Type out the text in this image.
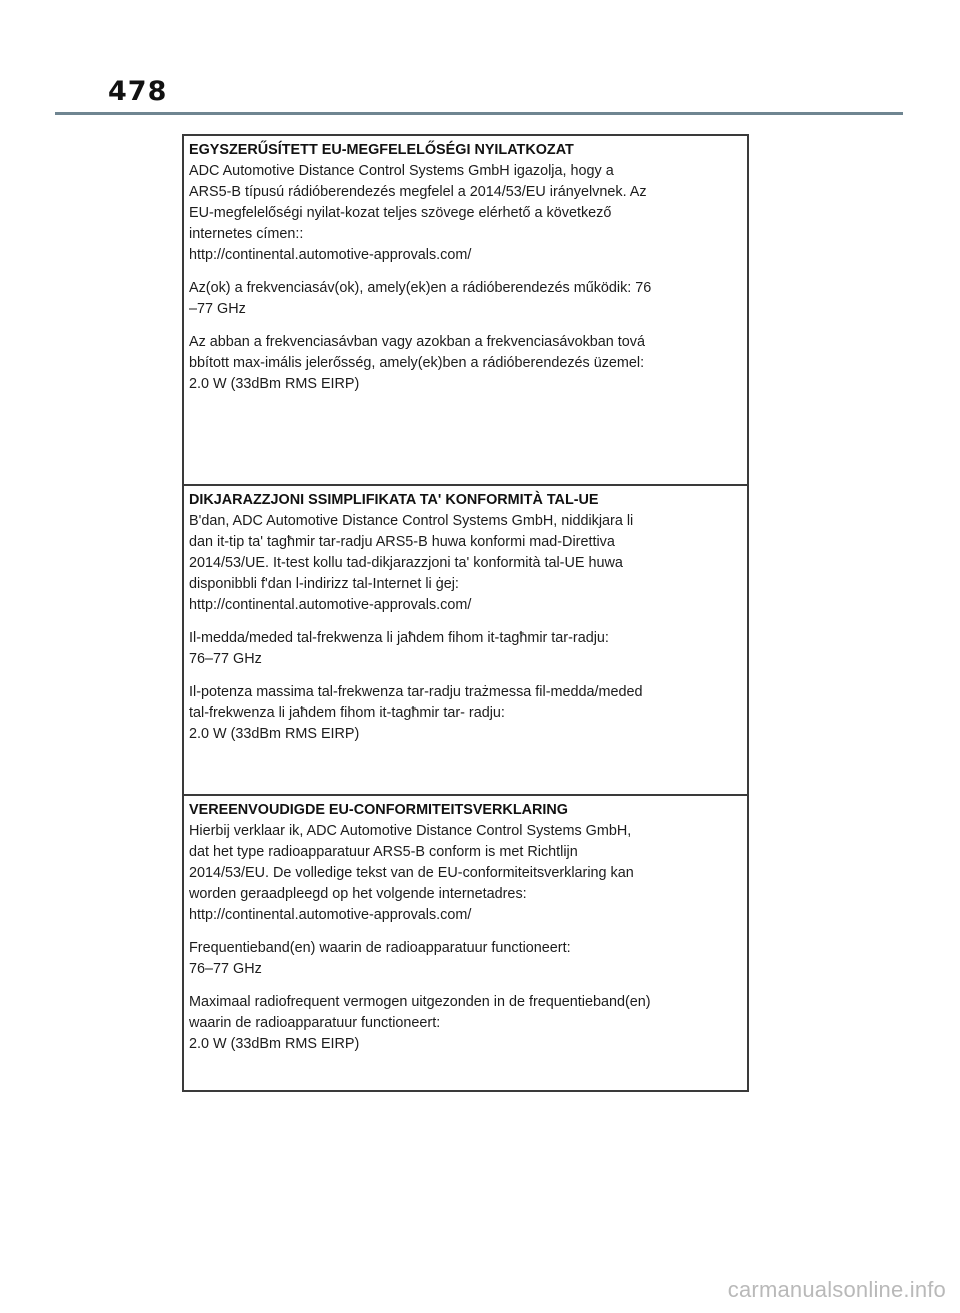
478
EGYSZERŰSÍTETT EU-MEGFELELŐSÉGI NYILATKOZAT
ADC Automotive Distance Control Systems GmbH igazolja, hogy a
ARS5-B típusú rádióberendezés megfelel a 2014/53/EU irányelvnek. Az
EU-megfelelőségi nyilat-kozat teljes szövege elérhető a következő
internetes címen::
http://continental.automotive-approvals.com/
Az(ok) a frekvenciasáv(ok), amely(ek)en a rádióberendezés működik: 76
–77 GHz
Az abban a frekvenciasávban vagy azokban a frekvenciasávokban tová
bbított max-imális jelerősség, amely(ek)ben a rádióberendezés üzemel:
2.0 W (33dBm RMS EIRP)
DIKJARAZZJONI SSIMPLIFIKATA TA' KONFORMITÀ TAL-UE
B'dan, ADC Automotive Distance Control Systems GmbH, niddikjara li
dan it-tip ta' tagħmir tar-radju ARS5-B huwa konformi mad-Direttiva
2014/53/UE. It-test kollu tad-dikjarazzjoni ta' konformità tal-UE huwa
disponibbli f'dan l-indirizz tal-Internet li ġej:
http://continental.automotive-approvals.com/
Il-medda/meded tal-frekwenza li jaħdem fihom it-tagħmir tar-radju:
76–77 GHz
Il-potenza massima tal-frekwenza tar-radju trażmessa fil-medda/meded
tal-frekwenza li jaħdem fihom it-tagħmir tar- radju:
2.0 W (33dBm RMS EIRP)
VEREENVOUDIGDE EU-CONFORMITEITSVERKLARING
Hierbij verklaar ik, ADC Automotive Distance Control Systems GmbH,
dat het type radioapparatuur ARS5-B conform is met Richtlijn
2014/53/EU. De volledige tekst van de EU-conformiteitsverklaring kan
worden geraadpleegd op het volgende internetadres:
http://continental.automotive-approvals.com/
Frequentieband(en) waarin de radioapparatuur functioneert:
76–77 GHz
Maximaal radiofrequent vermogen uitgezonden in de frequentieband(en)
waarin de radioapparatuur functioneert:
2.0 W (33dBm RMS EIRP)
carmanualsonline.info
